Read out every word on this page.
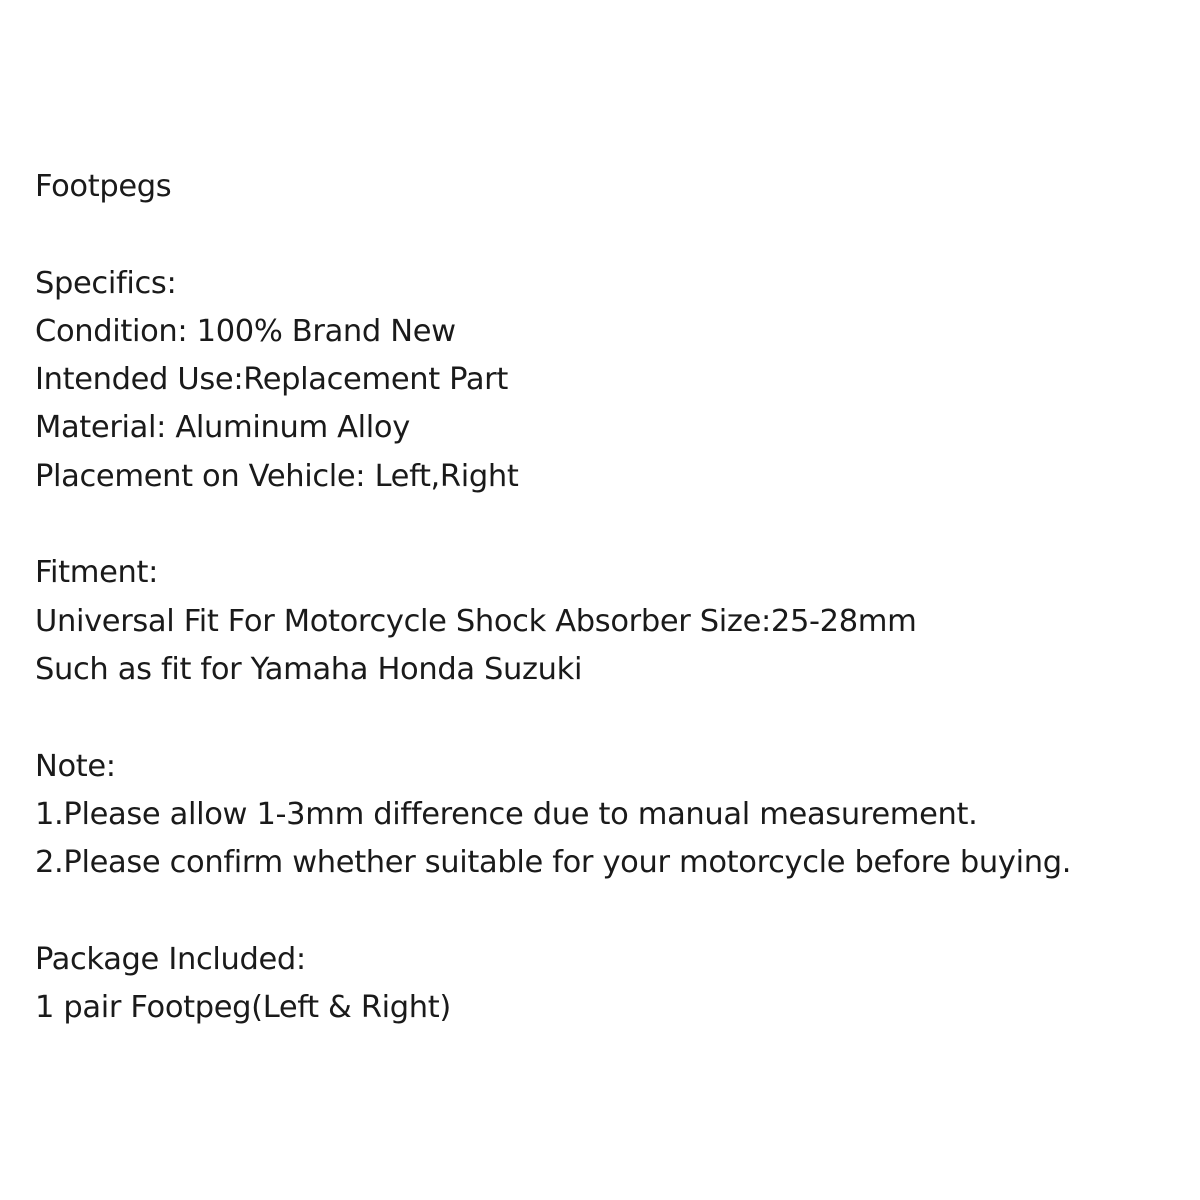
Footpegs
Specifics:
Condition: 100% Brand New
Intended Use:Replacement Part
Material: Aluminum Alloy
Placement on Vehicle: Left,Right
Fitment:
Universal Fit For Motorcycle Shock Absorber Size:25-28mm
Such as fit for Yamaha Honda Suzuki
Note:
1.Please allow 1-3mm difference due to manual measurement.
2.Please confirm whether suitable for your motorcycle before buying.
Package Included:
1 pair Footpeg(Left & Right)
